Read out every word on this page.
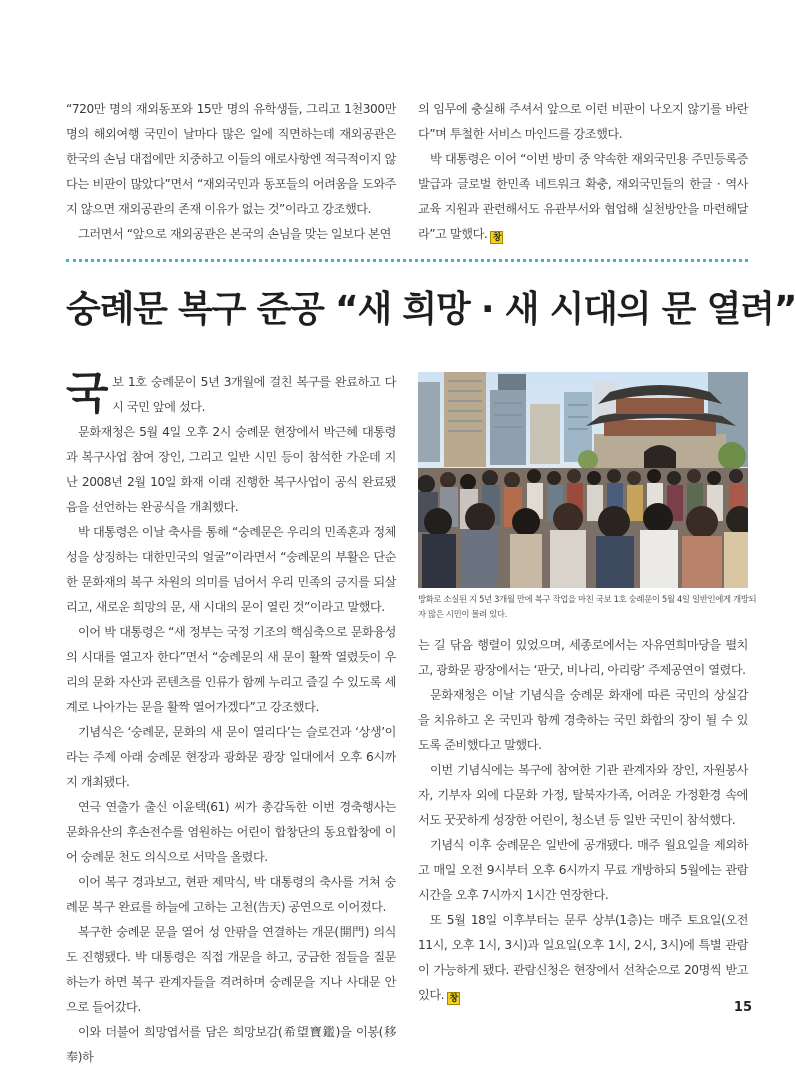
“720만 명의 재외동포와 15만 명의 유학생들, 그리고 1천300만 명의 해외여행 국민이 날마다 많은 일에 직면하는데 재외공관은 한국의 손님 대접에만 치중하고 이들의 애로사항엔 적극적이지 않다는 비판이 많았다”면서 “재외국민과 동포들의 어려움을 도와주지 않으면 재외공관의 존재 이유가 없는 것”이라고 강조했다.

그러면서 “앞으로 재외공관은 본국의 손님을 맞는 일보다 본연

의 임무에 충실해 주셔서 앞으로 이런 비판이 나오지 않기를 바란다”며 투철한 서비스 마인드를 강조했다.

박 대통령은 이어 “이번 방미 중 약속한 재외국민용 주민등록증 발급과 글로벌 한민족 네트워크 확충, 재외국민들의 한글 · 역사 교육 지원과 관련해서도 유관부서와 협업해 실천방안을 마련해달라”고 말했다. 창

숭례문 복구 준공 “새 희망 · 새 시대의 문 열려”

국보 1호 숭례문이 5년 3개월에 걸친 복구를 완료하고 다시 국민 앞에 섰다.

문화재청은 5월 4일 오후 2시 숭례문 현장에서 박근혜 대통령과 복구사업 참여 장인, 그리고 일반 시민 등이 참석한 가운데 지난 2008년 2월 10일 화재 이래 진행한 복구사업이 공식 완료됐음을 선언하는 완공식을 개최했다.

박 대통령은 이날 축사를 통해 “숭례문은 우리의 민족혼과 정체성을 상징하는 대한민국의 얼굴”이라면서 “숭례문의 부활은 단순한 문화재의 복구 차원의 의미를 넘어서 우리 민족의 긍지를 되살리고, 새로운 희망의 문, 새 시대의 문이 열린 것”이라고 말했다.

이어 박 대통령은 “새 정부는 국정 기조의 핵심축으로 문화융성의 시대를 열고자 한다”면서 “숭례문의 새 문이 활짝 열렸듯이 우리의 문화 자산과 콘텐츠를 인류가 함께 누리고 즐길 수 있도록 세계로 나아가는 문을 활짝 열어가겠다”고 강조했다.

기념식은 ‘숭례문, 문화의 새 문이 열리다’는 슬로건과 ‘상생’이라는 주제 아래 숭례문 현장과 광화문 광장 일대에서 오후 6시까지 개최됐다.

연극 연출가 출신 이윤택(61) 씨가 총감독한 이번 경축행사는 문화유산의 후손전수를 염원하는 어린이 합창단의 동요합창에 이어 숭례문 천도 의식으로 서막을 올렸다.

이어 복구 경과보고, 현판 제막식, 박 대통령의 축사를 거쳐 숭례문 복구 완료를 하늘에 고하는 고천(告天) 공연으로 이어졌다.

복구한 숭례문 문을 열어 성 안팎을 연결하는 개문(開門) 의식도 진행됐다. 박 대통령은 직접 개문을 하고, 궁금한 점들을 질문하는가 하면 복구 관계자들을 격려하며 숭례문을 지나 사대문 안으로 들어갔다.

이와 더불어 희망엽서를 담은 희망보감(希望寶鑑)을 이봉(移奉)하

방화로 소실된 지 5년 3개월 만에 복구 작업을 마친 국보 1호 숭례문이 5월 4일 일반인에게 개방되자 많은 시민이 몰려 있다.

는 길 닦음 행렬이 있었으며, 세종로에서는 자유연희마당을 펼치고, 광화문 광장에서는 ‘판굿, 비나리, 아리랑’ 주제공연이 열렸다.

문화재청은 이날 기념식을 숭례문 화재에 따른 국민의 상실감을 치유하고 온 국민과 함께 경축하는 국민 화합의 장이 될 수 있도록 준비했다고 말했다.

이번 기념식에는 복구에 참여한 기관 관계자와 장인, 자원봉사자, 기부자 외에 다문화 가정, 탈북자가족, 어려운 가정환경 속에서도 꿋꿋하게 성장한 어린이, 청소년 등 일반 국민이 참석했다.

기념식 이후 숭례문은 일반에 공개됐다. 매주 월요일을 제외하고 매일 오전 9시부터 오후 6시까지 무료 개방하되 5월에는 관람시간을 오후 7시까지 1시간 연장한다.

또 5월 18일 이후부터는 문루 상부(1층)는 매주 토요일(오전 11시, 오후 1시, 3시)과 일요일(오후 1시, 2시, 3시)에 특별 관람이 가능하게 됐다. 관람신청은 현장에서 선착순으로 20명씩 받고 있다. 창

15
